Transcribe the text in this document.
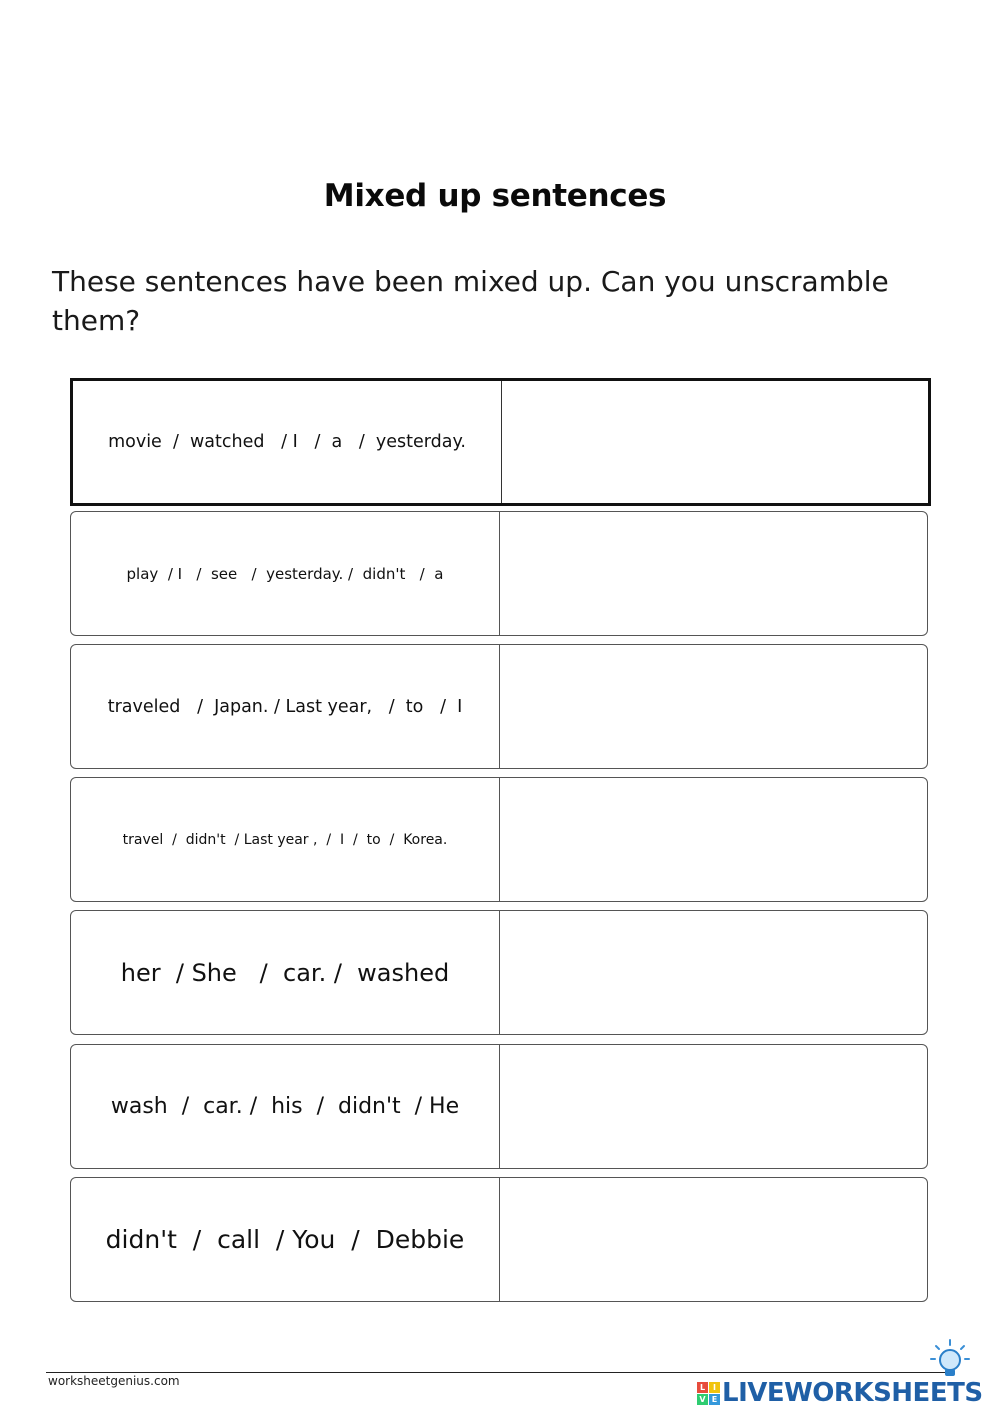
Mixed up sentences
These sentences have been mixed up. Can you unscramble them?
movie  /  watched   / I   /  a   /  yesterday.
play  / I   /  see   /  yesterday. /  didn't   /  a
traveled   /  Japan. / Last year,   /  to   /  I
travel  /  didn't  / Last year ,  /  I  /  to  /  Korea.
her  / She   /  car. /  washed
wash  /  car. /  his  /  didn't  / He
didn't  /  call  / You  /  Debbie
worksheetgenius.com	L I
V E LIVEWORKSHEETS
